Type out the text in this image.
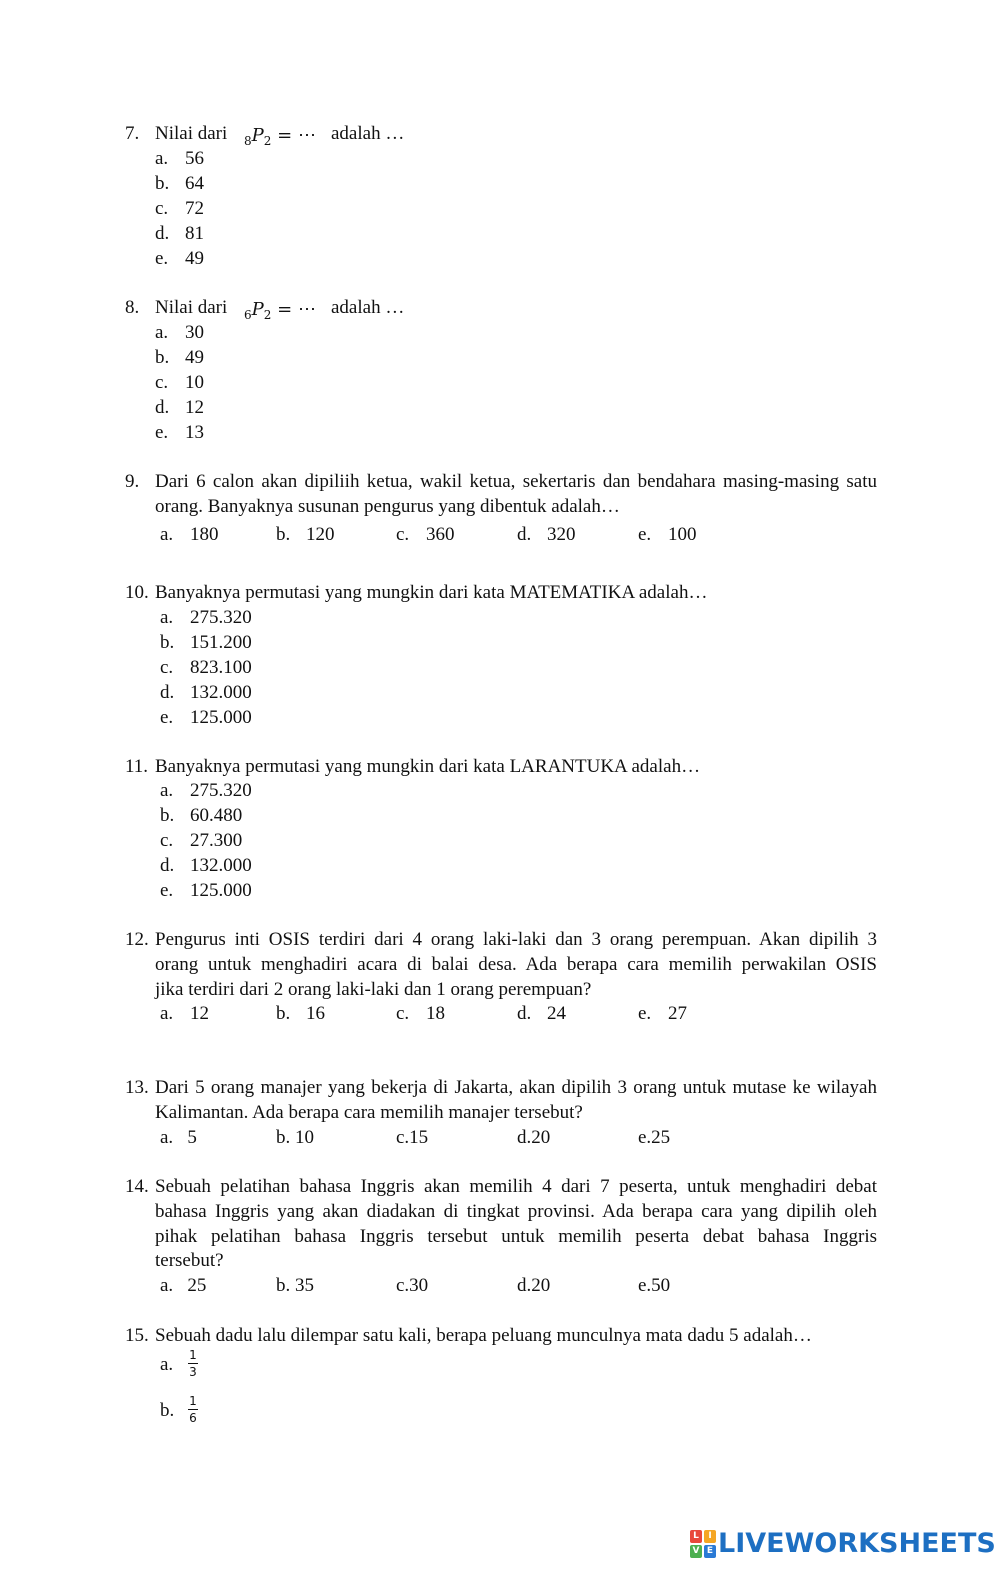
7. Nilai dari $_8P_2$ = ⋯ adalah …
a. 56
b. 64
c. 72
d. 81
e. 49
8. Nilai dari $_6P_2$ = ⋯ adalah …
a. 30
b. 49
c. 10
d. 12
e. 13
9. Dari 6 calon akan dipiliih ketua, wakil ketua, sekertaris dan bendahara masing-masing satu
orang. Banyaknya susunan pengurus yang dibentuk adalah…
a. 180	b. 120	c. 360	d. 320	e. 100
10. Banyaknya permutasi yang mungkin dari kata MATEMATIKA adalah…
a. 275.320
b. 151.200
c. 823.100
d. 132.000
e. 125.000
11. Banyaknya permutasi yang mungkin dari kata LARANTUKA adalah…
a. 275.320
b. 60.480
c. 27.300
d. 132.000
e. 125.000
12. Pengurus inti OSIS terdiri dari 4 orang laki-laki dan 3 orang perempuan. Akan dipilih 3
orang untuk menghadiri acara di balai desa. Ada berapa cara memilih perwakilan OSIS
jika terdiri dari 2 orang laki-laki dan 1 orang perempuan?
a. 12	b. 16	c. 18	d. 24	e. 27
13. Dari 5 orang manajer yang bekerja di Jakarta, akan dipilih 3 orang untuk mutase ke wilayah
Kalimantan. Ada berapa cara memilih manajer tersebut?
a.   5	b. 10	c.15	d.20	e.25
14. Sebuah pelatihan bahasa Inggris akan memilih 4 dari 7 peserta, untuk menghadiri debat
bahasa Inggris yang akan diadakan di tingkat provinsi. Ada berapa cara yang dipilih oleh
pihak pelatihan bahasa Inggris tersebut untuk memilih peserta debat bahasa Inggris
tersebut?
a.   25	b. 35	c.30	d.20	e.50
15. Sebuah dadu lalu dilempar satu kali, berapa peluang munculnya mata dadu 5 adalah…
a. $\frac{1}{3}$
b. $\frac{1}{6}$
L	I
V E LIVEWORKSHEETS
